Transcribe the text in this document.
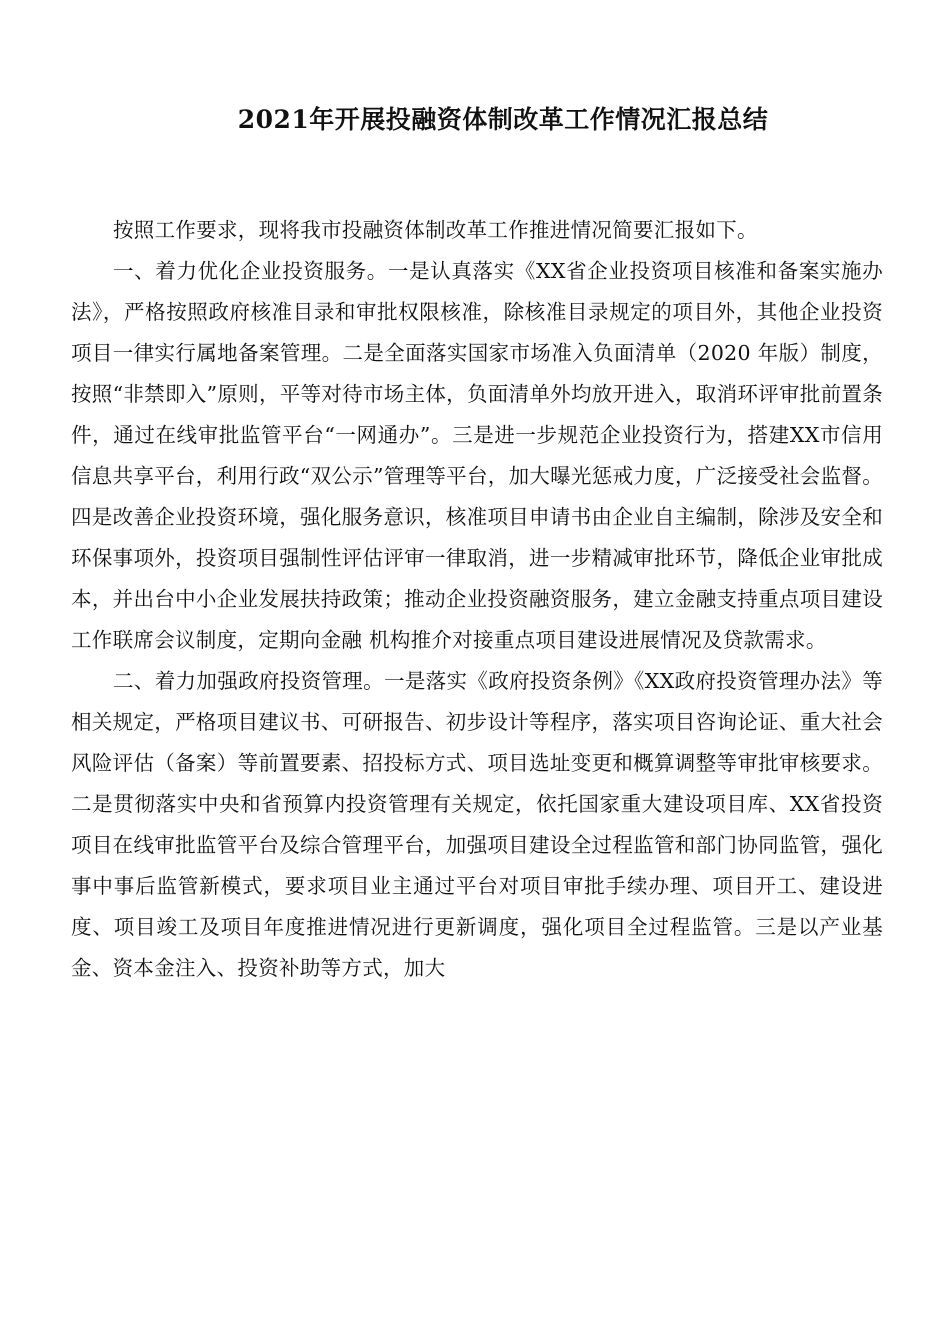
2021年开展投融资体制改革工作情况汇报总结

按照工作要求，现将我市投融资体制改革工作推进情况简要汇报如下。

一、着力优化企业投资服务。一是认真落实《XX省企业投资项目核准和备案实施办法》，严格按照政府核准目录和审批权限核准，除核准目录规定的项目外，其他企业投资项目一律实行属地备案管理。二是全面落实国家市场准入负面清单（2020 年版）制度，按照“非禁即入”原则，平等对待市场主体，负面清单外均放开进入，取消环评审批前置条件，通过在线审批监管平台“一网通办”。三是进一步规范企业投资行为，搭建XX市信用信息共享平台，利用行政“双公示”管理等平台，加大曝光惩戒力度，广泛接受社会监督。四是改善企业投资环境，强化服务意识，核准项目申请书由企业自主编制，除涉及安全和环保事项外，投资项目强制性评估评审一律取消，进一步精减审批环节，降低企业审批成本，并出台中小企业发展扶持政策；推动企业投资融资服务，建立金融支持重点项目建设工作联席会议制度，定期向金融 机构推介对接重点项目建设进展情况及贷款需求。

二、着力加强政府投资管理。一是落实《政府投资条例》《XX政府投资管理办法》等相关规定，严格项目建议书、可研报告、初步设计等程序，落实项目咨询论证、重大社会风险评估（备案）等前置要素、招投标方式、项目选址变更和概算调整等审批审核要求。二是贯彻落实中央和省预算内投资管理有关规定，依托国家重大建设项目库、XX省投资项目在线审批监管平台及综合管理平台，加强项目建设全过程监管和部门协同监管，强化事中事后监管新模式，要求项目业主通过平台对项目审批手续办理、项目开工、建设进度、项目竣工及项目年度推进情况进行更新调度，强化项目全过程监管。三是以产业基金、资本金注入、投资补助等方式，加大
